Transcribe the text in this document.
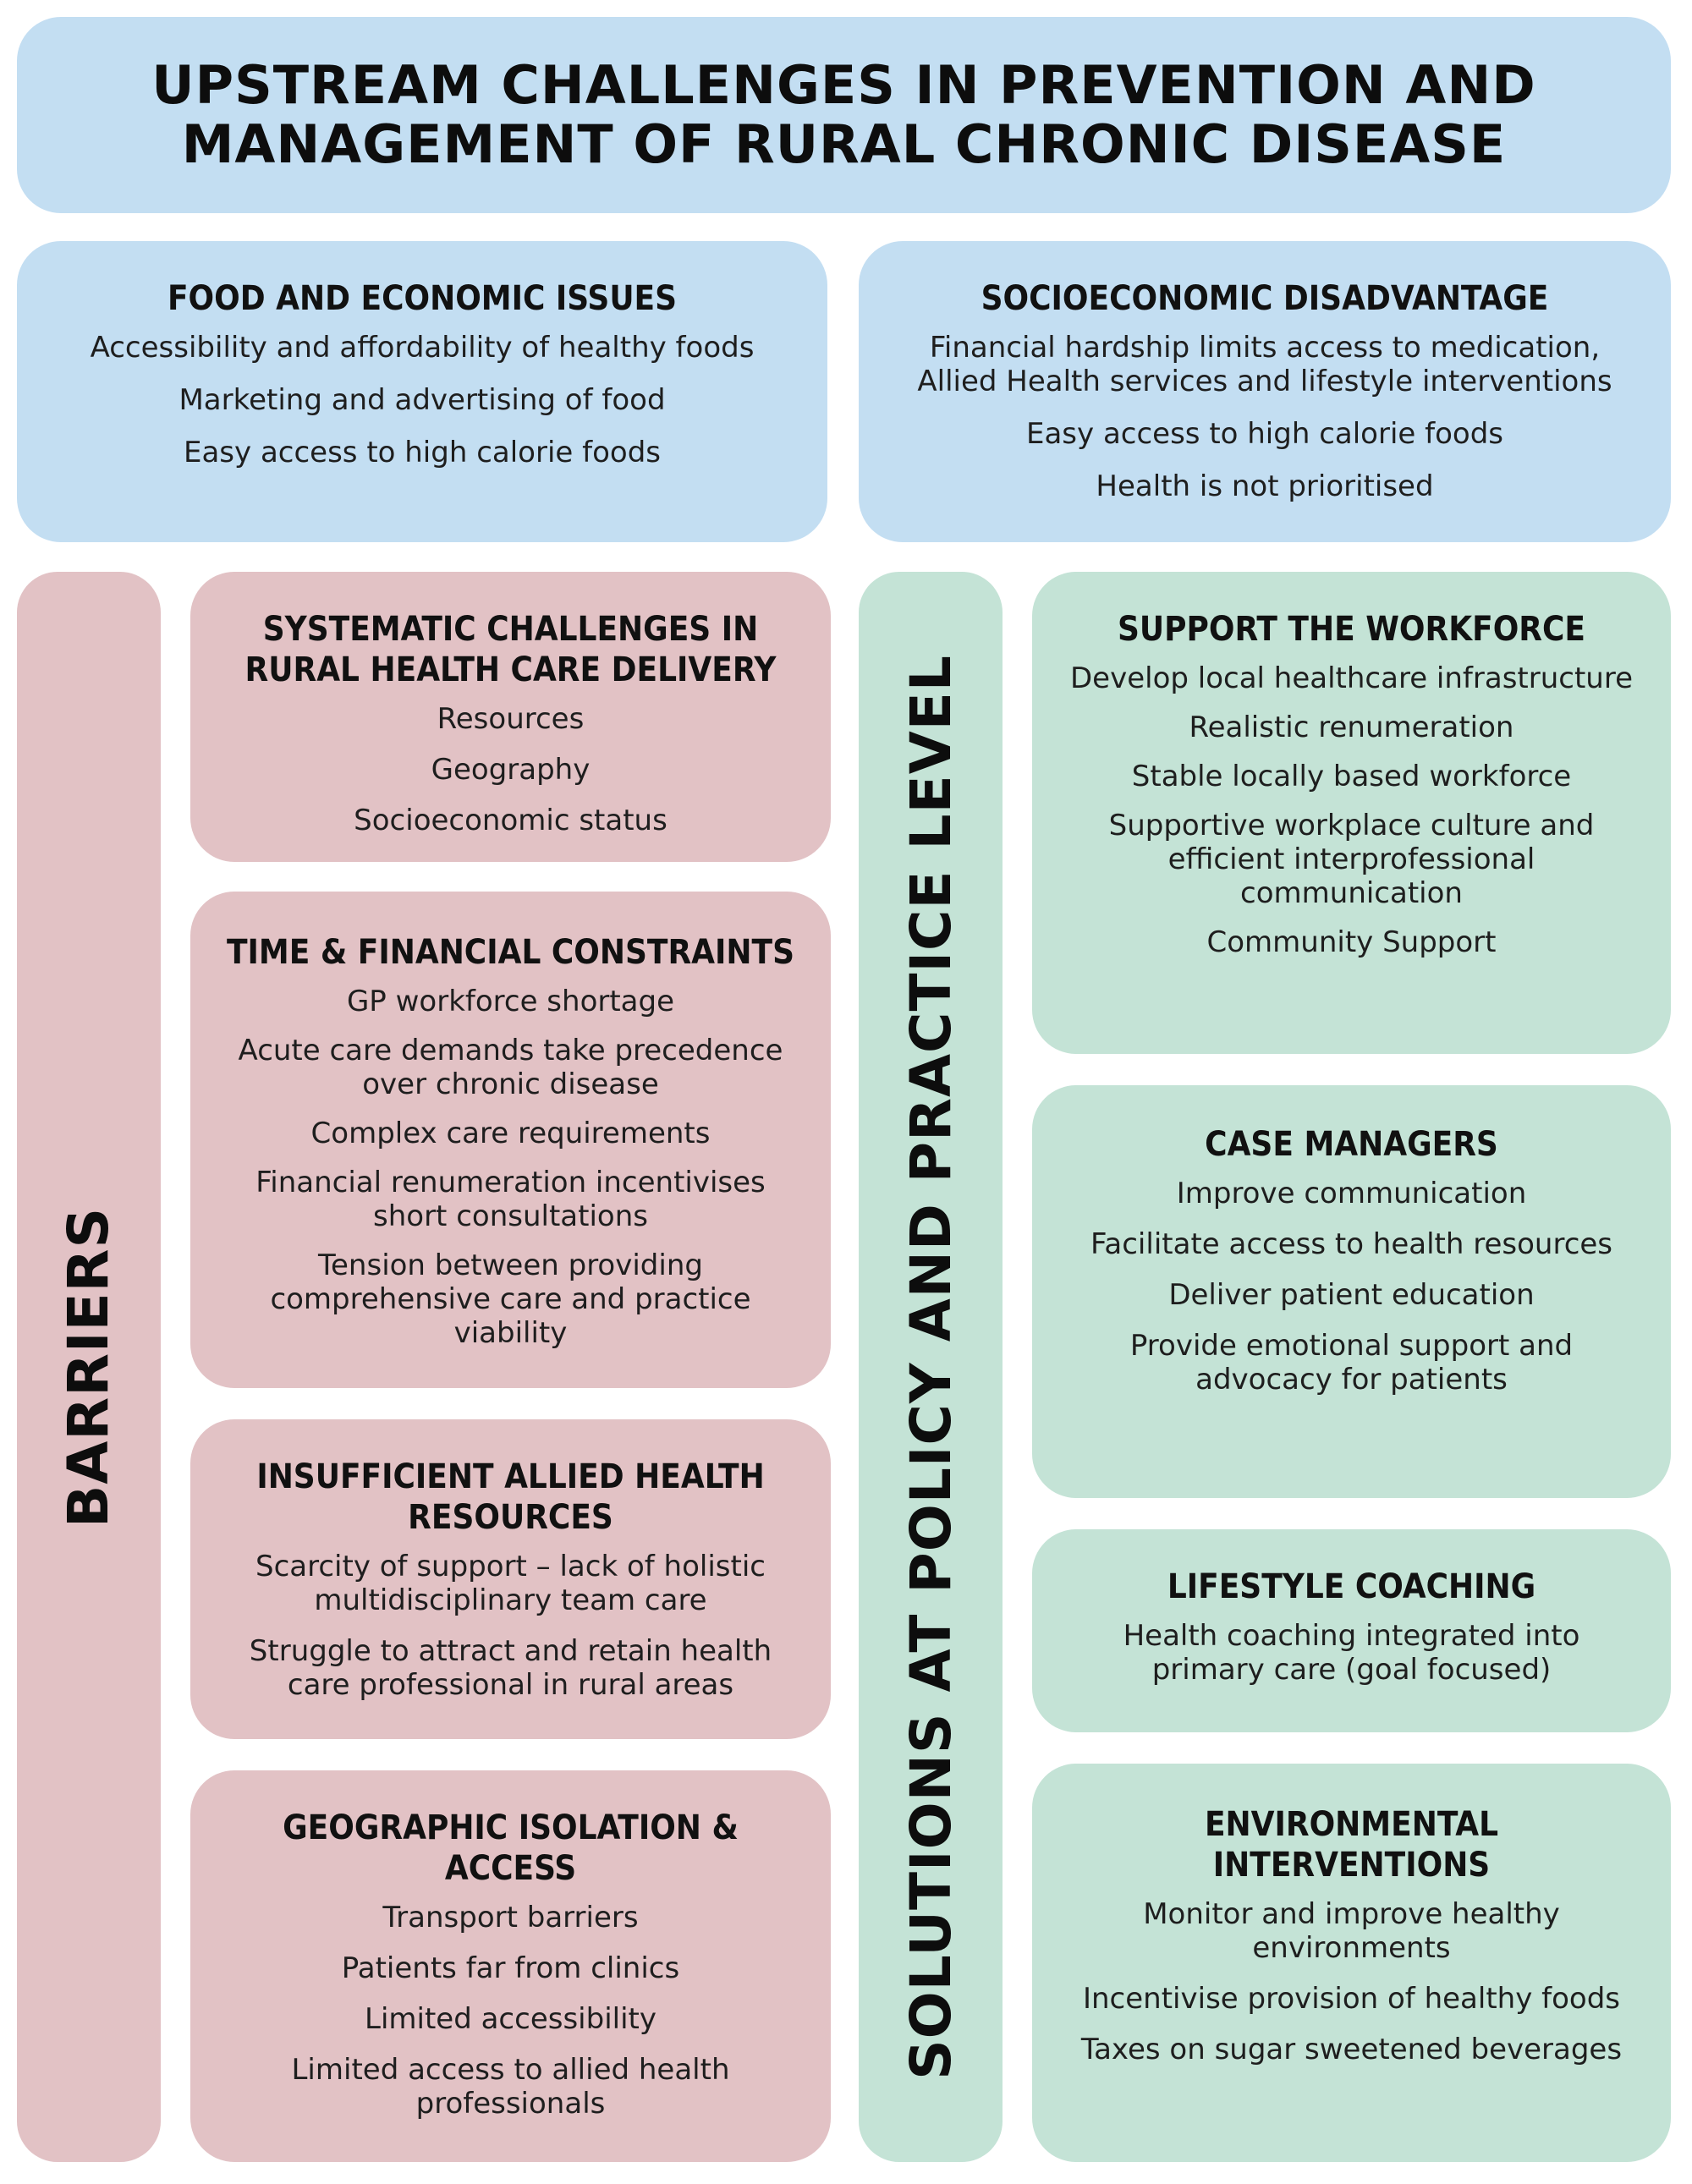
UPSTREAM CHALLENGES IN PREVENTION AND
MANAGEMENT OF RURAL CHRONIC DISEASE
FOOD AND ECONOMIC ISSUES
Accessibility and affordability of healthy foods
Marketing and advertising of food
Easy access to high calorie foods
SOCIOECONOMIC DISADVANTAGE
Financial hardship limits access to medication, Allied Health services and lifestyle interventions
Easy access to high calorie foods
Health is not prioritised
BARRIERS
SYSTEMATIC CHALLENGES IN RURAL HEALTH CARE DELIVERY
Resources
Geography
Socioeconomic status
TIME & FINANCIAL CONSTRAINTS
GP workforce shortage
Acute care demands take precedence over chronic disease
Complex care requirements
Financial renumeration incentivises short consultations
Tension between providing comprehensive care and practice viability
INSUFFICIENT ALLIED HEALTH RESOURCES
Scarcity of support – lack of holistic multidisciplinary team care
Struggle to attract and retain health care professional in rural areas
GEOGRAPHIC ISOLATION & ACCESS
Transport barriers
Patients far from clinics
Limited accessibility
Limited access to allied health professionals
SOLUTIONS AT POLICY AND PRACTICE LEVEL
SUPPORT THE WORKFORCE
Develop local healthcare infrastructure
Realistic renumeration
Stable locally based workforce
Supportive workplace culture and efficient interprofessional communication
Community Support
CASE MANAGERS
Improve communication
Facilitate access to health resources
Deliver patient education
Provide emotional support and advocacy for patients
LIFESTYLE COACHING
Health coaching integrated into primary care (goal focused)
ENVIRONMENTAL INTERVENTIONS
Monitor and improve healthy environments
Incentivise provision of healthy foods
Taxes on sugar sweetened beverages
